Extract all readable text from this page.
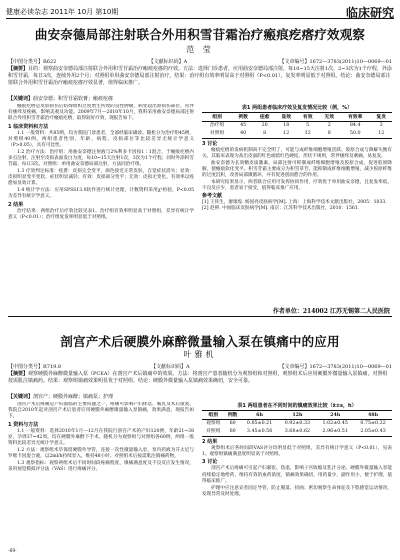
健康必读杂志 2011年 10月 第10期	临床研究
曲安奈德局部注射联合外用积雪苷霜治疗瘢痕疙瘩疗效观察
范 莹
【中图分类号】R622	【文献标识码】A	【文章编号】1672—3783(2011)10—0069—01
【摘要】目的：观察曲安奈德局部注射联合外用积雪苷霜治疗瘢痕疙瘩的疗效。方法：选择门诊患者，应用曲安奈德局部注射，每10~15天注射1次，2~3次为1个疗程，外涂积雪苷霜，每日3次，连续外用2个月；对照组单用曲安奈德局部注射治疗。结果：治疗组有效率明显高于对照组（P<0.01），复发率明显低于对照组。结论：曲安奈德局部注射联合外用积雪苷霜治疗瘢痕疙瘩疗效显著，值得临床推广。
【关键词】曲安奈德；积雪苷霜软膏；瘢痕疙瘩

瘢痕疙瘩是皮肤损伤后结缔组织过度增生所致的良性肿瘤，病变超出原损伤部位，常伴有瘙痒及疼痛，影响美观及功能。2009年7月—2010年10月，我科采用曲安奈德局部注射联合外用积雪苷霜治疗瘢痕疙瘩，取得较好疗效，现报告如下。

1 临床资料和方法

1.1 一般资料：共85例，均为我院门诊患者，全部经临床确诊。随机分为治疗组45例，对照组40例。两组患者性别、年龄、病程、皮损部位等比较差异无统计学意义（P>0.05），具有可比性。

1.2 治疗方法：治疗组：用曲安奈德注射液与2%利多卡因按1∶1混合，于瘢痕疙瘩内多点注射，注射至皮损表面发白为度，每10~15天注射1次，3次为1个疗程；同时外涂积雪苷霜，每日3次。对照组：单用曲安奈德局部注射，方法同治疗组。

1.3 疗效判定标准：痊愈：皮损完全变平，颜色接近正常皮肤，自觉症状消失；显效：皮损明显变平变软，症状明显减轻；有效：皮损部分变平；无效：皮损无变化。有效率以痊愈加显效计算。

1.4 统计学方法：应用SPSS13.0软件进行统计处理，计数资料采用χ²检验，P<0.05为差异有统计学意义。

2 结果

治疗结果：两组治疗后疗效比较见表1。治疗组有效率明显高于对照组，差异有统计学意义（P<0.01）；治疗组复发率明显低于对照组。

表1 两组患者临床疗效及复发情况比较（例，%）
组别	例数	痊愈	显效	有效	无效	有效率	复发
治疗组	45	20	18	5	2	84.4	3
对照组	40	8	12	12	8	50.0	12
3 讨论

瘢痕疙瘩的发病机制尚不完全明了，可能与成纤维细胞增殖活跃、胶原合成与降解失衡有关。其临床表现为高出皮面的红色或暗红色硬结，形状不规则，常伴瘙痒及刺痛，易复发。

曲安奈德为长效糖皮质激素，局部注射可抑制成纤维细胞增殖及胶原合成，促进胶原降解，使瘢痕软化变平。积雪苷霜主要成分为积雪草苷，能抑制成纤维细胞增殖，减少胶原纤维的过度沉积，改善局部微循环，并有促进创面愈合的作用。

本研究结果显示，两者联合应用可发挥协同作用，疗效优于单用曲安奈德，且复发率低，不良反应少，患者易于接受，值得临床推广应用。

参考文献
[1] 王侠生，廖康煌. 杨国亮皮肤病学[M]. 上海：上海科学技术文献出版社，2005：1033.
[2] 赵辨. 中国临床皮肤病学[M]. 南京：江苏科学技术出版社，2010：1561.
作者单位：214002 江苏无锡第二人民医院
剖宫产术后硬膜外麻醉微量输入泵在镇痛中的应用
叶雅机
【中图分类号】R719.8	【文献标识码】A	【文章编号】1672—3783(2011)10—0069—01
【摘要】观察硬膜外麻醉微量输入泵（PCEA）在剖宫产术后镇痛中的效果。方法：将剖宫产患者随机分为观察组和对照组，观察组术后应用硬膜外微量输入泵镇痛，对照组按需肌注镇痛药。结果：观察组镇痛效果明显优于对照组。结论：硬膜外微量输入泵镇痛效果确切，安全可靠。
【关键词】剖宫产；硬膜外麻醉；镇痛泵；护理

剖宫产术后疼痛是产妇面临的主要问题之一，疼痛可影响产妇休息、哺乳及术后康复。我院自2010年起对剖宫产术后患者应用硬膜外麻醉微量输入泵镇痛，效果满意，现报告如下。

1 资料与方法

1.1 一般资料：选择2010年1月—12月在我院行剖宫产术的产妇120例，年龄21~38岁，孕周37~42周。均在硬膜外麻醉下手术，随机分为观察组与对照组各60例，两组一般资料比较差异无统计学意义。

1.2 方法：观察组术毕保留硬膜外导管，连接一次性微量输入泵，泵内药液为芬太尼与罗哌卡因混合液，以2ml/h持续泵入，维持48小时。对照组术后按需肌注镇痛药物。

1.3 观察指标：观察两组术后不同时间段疼痛程度、镇痛满意度及不良反应发生情况，采用视觉模拟评分法（VAS）进行疼痛评分。

表1 两组患者在不同时间的镇痛效果比较（x̄±s，h）
组别	例数	6h	12h	24h	48h
观察组	60	0.85±0.21	0.92±0.33	1.02±0.45	0.75±0.32
对照组	60	3.45±0.56	3.68±0.62	2.96±0.51	2.05±0.43
2 结果

观察组术后各时间段VAS评分均明显低于对照组，差异有统计学意义（P<0.01），见表1。观察组镇痛满意度明显高于对照组。

3 讨论

剖宫产术后疼痛可引起产妇紧张、焦虑，影响子宫收缩及乳汁分泌。硬膜外微量输入泵能持续稳定地给药，维持有效的血药浓度，镇痛效果确切，用药量少，副作用小，便于护理，值得临床推广。

护理中应注意妥善固定导管，防止脱落、扭曲；密切观察生命体征及下肢感觉运动情况，发现异常及时处理。

·69·
